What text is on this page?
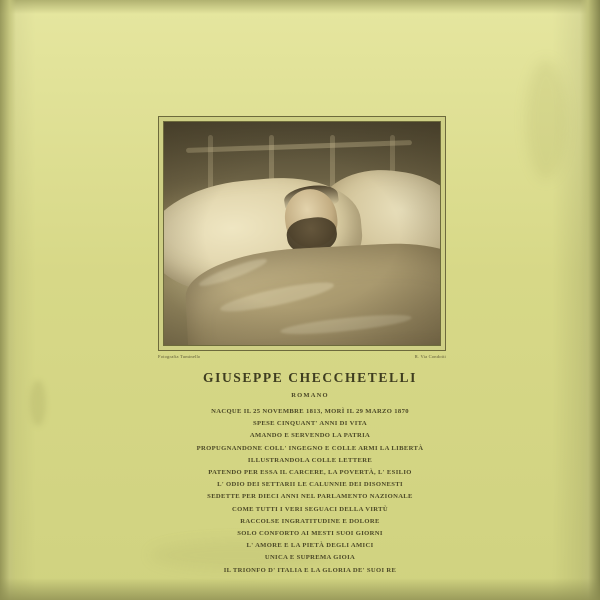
Fotografia Tuminello	R. Via Condotti
GIUSEPPE CHECCHETELLI
ROMANO
NACQUE IL 25 NOVEMBRE 1813, MORÌ IL 29 MARZO 1870
SPESE CINQUANT' ANNI DI VITA
AMANDO E SERVENDO LA PATRIA
PROPUGNANDONE COLL' INGEGNO E COLLE ARMI LA LIBERTÀ
ILLUSTRANDOLA COLLE LETTERE
PATENDO PER ESSA IL CARCERE, LA POVERTÀ, L' ESILIO
L' ODIO DEI SETTARII LE CALUNNIE DEI DISONESTI
SEDETTE PER DIECI ANNI NEL PARLAMENTO NAZIONALE
COME TUTTI I VERI SEGUACI DELLA VIRTÙ
RACCOLSE INGRATITUDINE E DOLORE
SOLO CONFORTO AI MESTI SUOI GIORNI
L' AMORE E LA PIETÀ DEGLI AMICI
UNICA E SUPREMA GIOIA
IL TRIONFO D' ITALIA E LA GLORIA DE' SUOI RE
